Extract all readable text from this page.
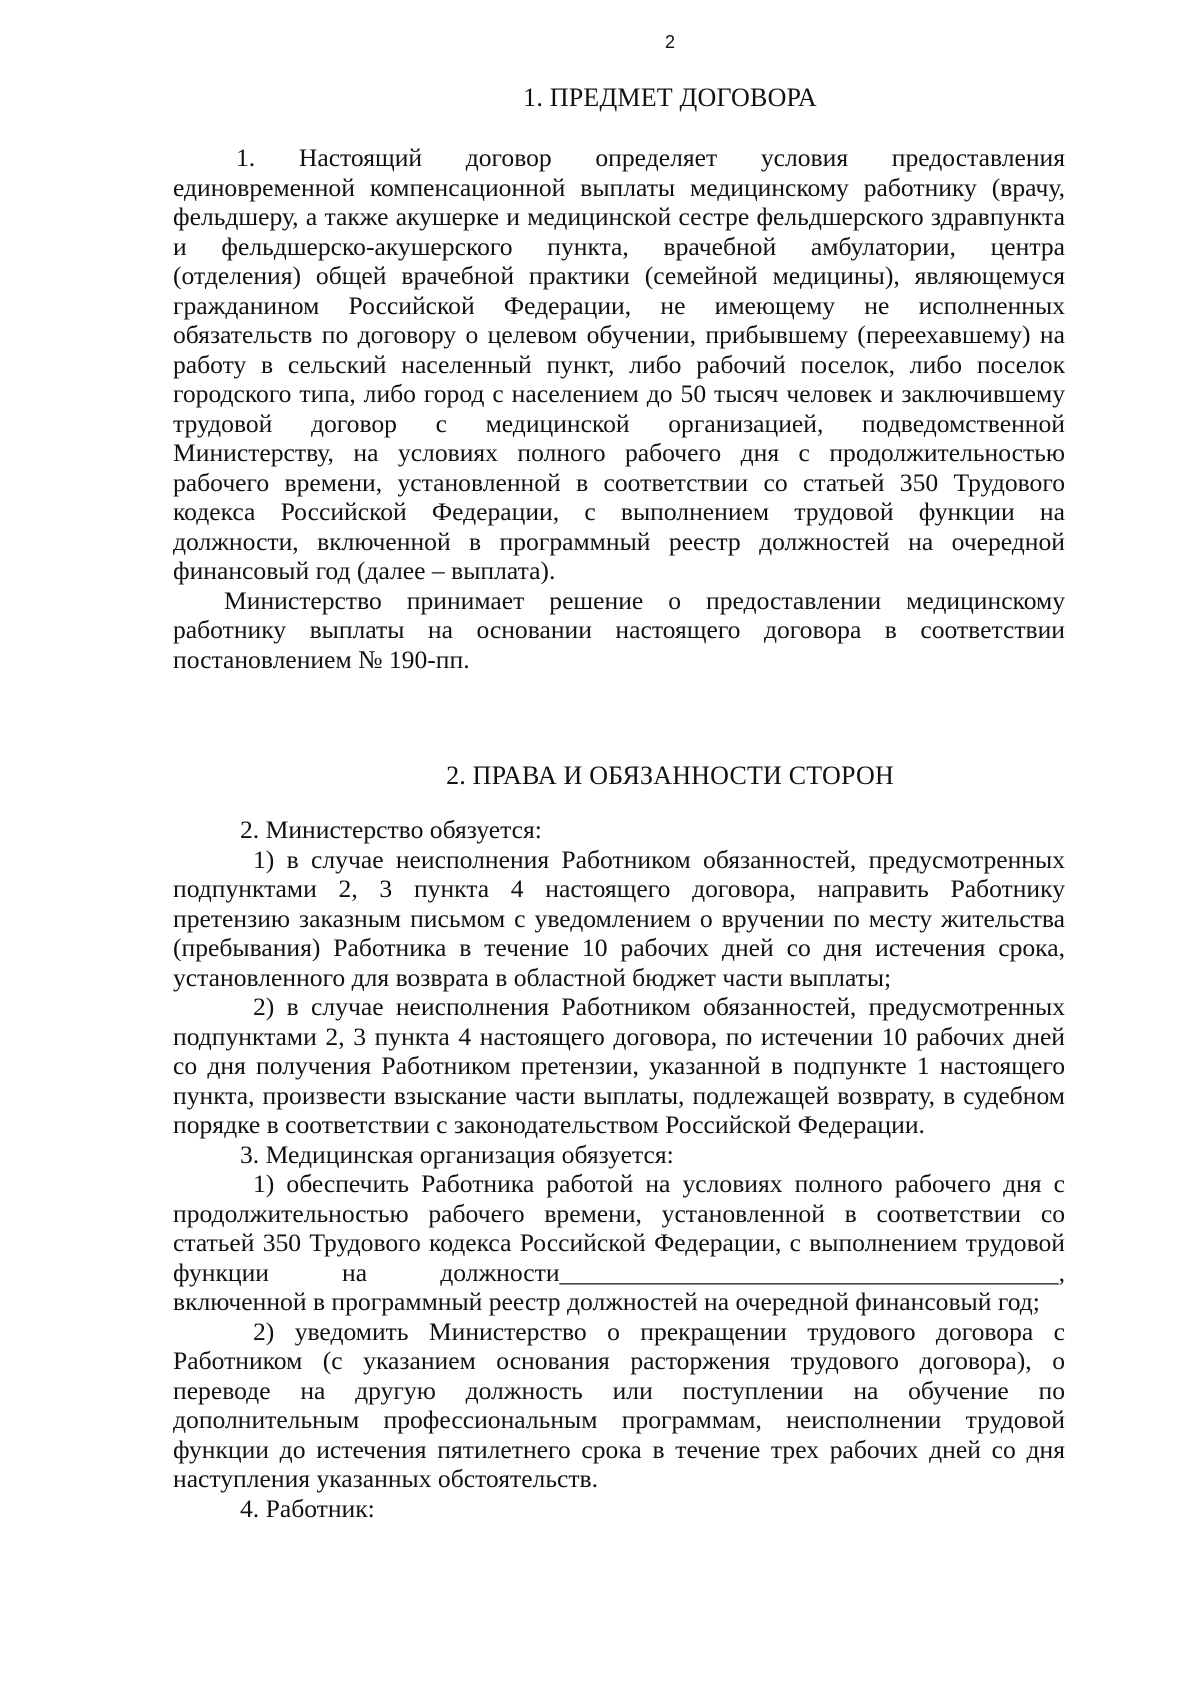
2
1. ПРЕДМЕТ ДОГОВОРА
1. Настоящий договор определяет условия предоставления
единовременной компенсационной выплаты медицинскому работнику (врачу,
фельдшеру, а также акушерке и медицинской сестре фельдшерского здравпункта
и фельдшерско-акушерского пункта, врачебной амбулатории, центра
(отделения) общей врачебной практики (семейной медицины), являющемуся
гражданином Российской Федерации, не имеющему не исполненных
обязательств по договору о целевом обучении, прибывшему (переехавшему) на
работу в сельский населенный пункт, либо рабочий поселок, либо поселок
городского типа, либо город с населением до 50 тысяч человек и заключившему
трудовой договор с медицинской организацией, подведомственной
Министерству, на условиях полного рабочего дня с продолжительностью
рабочего времени, установленной в соответствии со статьей 350 Трудового
кодекса Российской Федерации, с выполнением трудовой функции на
должности, включенной в программный реестр должностей на очередной
финансовый год (далее – выплата).
Министерство принимает решение о предоставлении медицинскому
работнику выплаты на основании настоящего договора в соответствии
постановлением № 190-пп.
2. ПРАВА И ОБЯЗАННОСТИ СТОРОН
2. Министерство обязуется:
1) в случае неисполнения Работником обязанностей, предусмотренных
подпунктами 2, 3 пункта 4 настоящего договора, направить Работнику
претензию заказным письмом с уведомлением о вручении по месту жительства
(пребывания) Работника в течение 10 рабочих дней со дня истечения срока,
установленного для возврата в областной бюджет части выплаты;
2) в случае неисполнения Работником обязанностей, предусмотренных
подпунктами 2, 3 пункта 4 настоящего договора, по истечении 10 рабочих дней
со дня получения Работником претензии, указанной в подпункте 1 настоящего
пункта, произвести взыскание части выплаты, подлежащей возврату, в судебном
порядке в соответствии с законодательством Российской Федерации.
3. Медицинская организация обязуется:
1) обеспечить Работника работой на условиях полного рабочего дня с
продолжительностью рабочего времени, установленной в соответствии со
статьей 350 Трудового кодекса Российской Федерации, с выполнением трудовой
функции на должности_______________________________________,
включенной в программный реестр должностей на очередной финансовый год;
2) уведомить Министерство о прекращении трудового договора с
Работником (с указанием основания расторжения трудового договора), о
переводе на другую должность или поступлении на обучение по
дополнительным профессиональным программам, неисполнении трудовой
функции до истечения пятилетнего срока в течение трех рабочих дней со дня
наступления указанных обстоятельств.
4. Работник:
